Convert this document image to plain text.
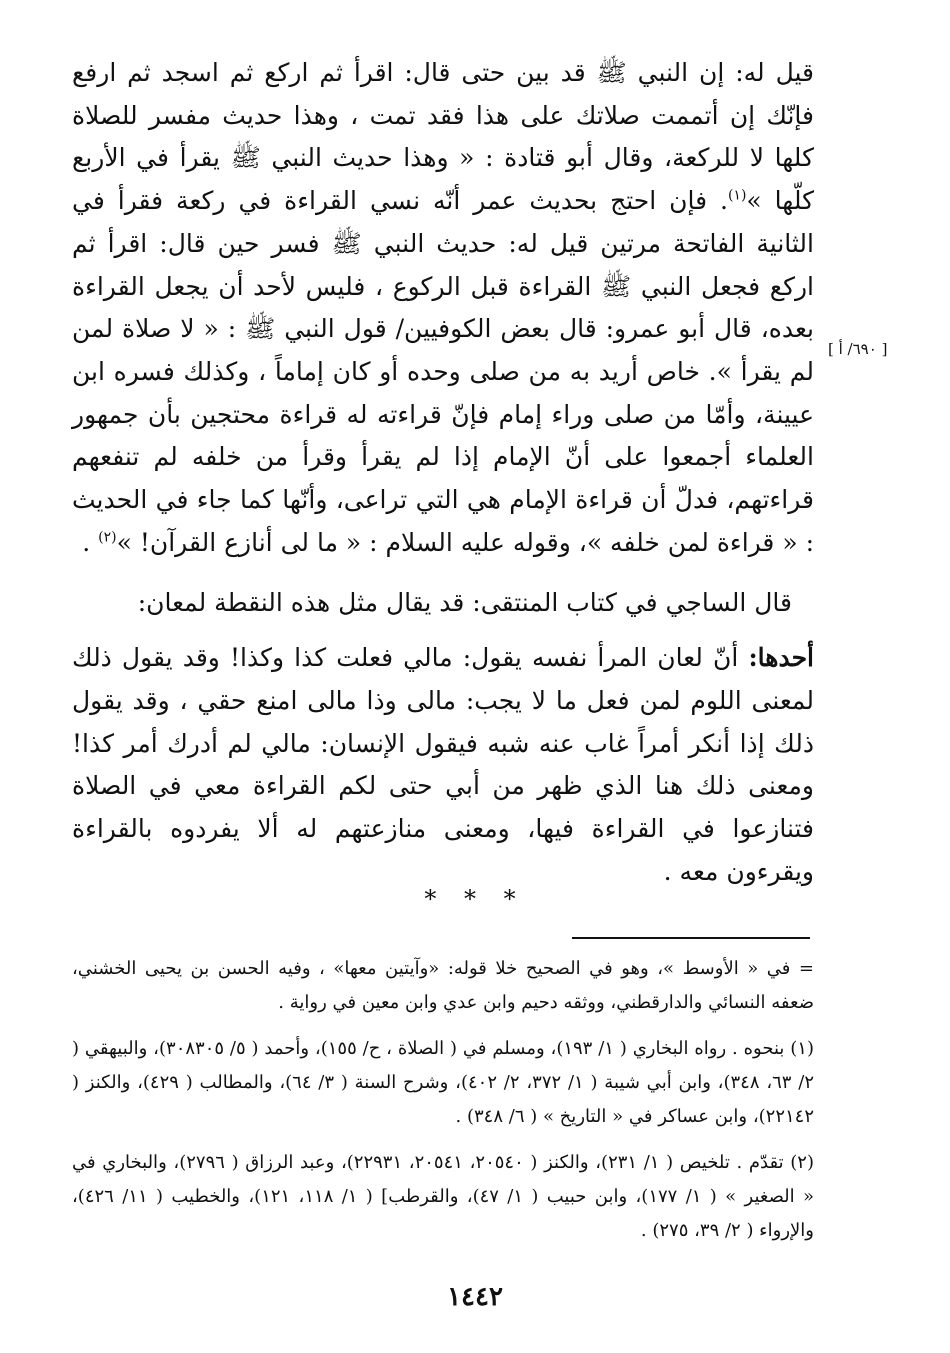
قيل له: إن النبي ﷺ قد بين حتى قال: اقرأ ثم اركع ثم اسجد ثم ارفع فإنّك إن أتممت صلاتك على هذا فقد تمت ، وهذا حديث مفسر للصلاة كلها لا للركعة، وقال أبو قتادة : « وهذا حديث النبي ﷺ يقرأ في الأربع كلّها »$^{(١)}$. فإن احتج بحديث عمر أنّه نسي القراءة في ركعة فقرأ في الثانية الفاتحة مرتين قيل له: حديث النبي ﷺ فسر حين قال: اقرأ ثم اركع فجعل النبي ﷺ القراءة قبل الركوع ، فليس لأحد أن يجعل القراءة بعده، قال أبو عمرو: قال بعض الكوفيين/ قول النبي ﷺ : « لا صلاة لمن لم يقرأ ». خاص أريد به من صلى وحده أو كان إماماً ، وكذلك فسره ابن عيينة، وأمّا من صلى وراء إمام فإنّ قراءته له قراءة محتجين بأن جمهور العلماء أجمعوا على أنّ الإمام إذا لم يقرأ وقرأ من خلفه لم تنفعهم قراءتهم، فدلّ أن قراءة الإمام هي التي تراعى، وأنّها كما جاء في الحديث : « قراءة لمن خلفه »، وقوله عليه السلام : « ما لى أنازع القرآن! »$^{(٢)}$ .

قال الساجي في كتاب المنتقى: قد يقال مثل هذه النقطة لمعان:

أحدها: أنّ لعان المرأ نفسه يقول: مالي فعلت كذا وكذا! وقد يقول ذلك لمعنى اللوم لمن فعل ما لا يجب: مالى وذا مالى امنع حقي ، وقد يقول ذلك إذا أنكر أمراً غاب عنه شبه فيقول الإنسان: مالي لم أدرك أمر كذا! ومعنى ذلك هنا الذي ظهر من أبي حتى لكم القراءة معي في الصلاة فتنازعوا في القراءة فيها، ومعنى منازعتهم له ألا يفردوه بالقراءة ويقرءون معه .

[ ٦٩٠/ أ ]
* * *

= في « الأوسط »، وهو في الصحيح خلا قوله: «وآيتين معها» ، وفيه الحسن بن يحيى الخشني، ضعفه النسائي والدارقطني، ووثقه دحيم وابن عدي وابن معين في رواية .

(١) بنحوه . رواه البخاري ( ١/ ١٩٣)، ومسلم في ( الصلاة ، ح/ ١٥٥)، وأحمد ( ٥/ ٣٠٨٣٠٥)، والبيهقي ( ٢/ ٦٣، ٣٤٨)، وابن أبي شيبة ( ١/ ٣٧٢، ٢/ ٤٠٢)، وشرح السنة ( ٣/ ٦٤)، والمطالب ( ٤٢٩)، والكنز ( ٢٢١٤٢)، وابن عساكر في « التاريخ » ( ٦/ ٣٤٨) .

(٢) تقدّم . تلخيص ( ١/ ٢٣١)، والكنز ( ٢٠٥٤٠، ٢٠٥٤١، ٢٢٩٣١)، وعبد الرزاق ( ٢٧٩٦)، والبخاري في « الصغير » ( ١/ ١٧٧)، وابن حبيب ( ١/ ٤٧)، والقرطب] ( ١/ ١١٨، ١٢١)، والخطيب ( ١١/ ٤٢٦)، والإرواء ( ٢/ ٣٩، ٢٧٥) .

١٤٤٢
